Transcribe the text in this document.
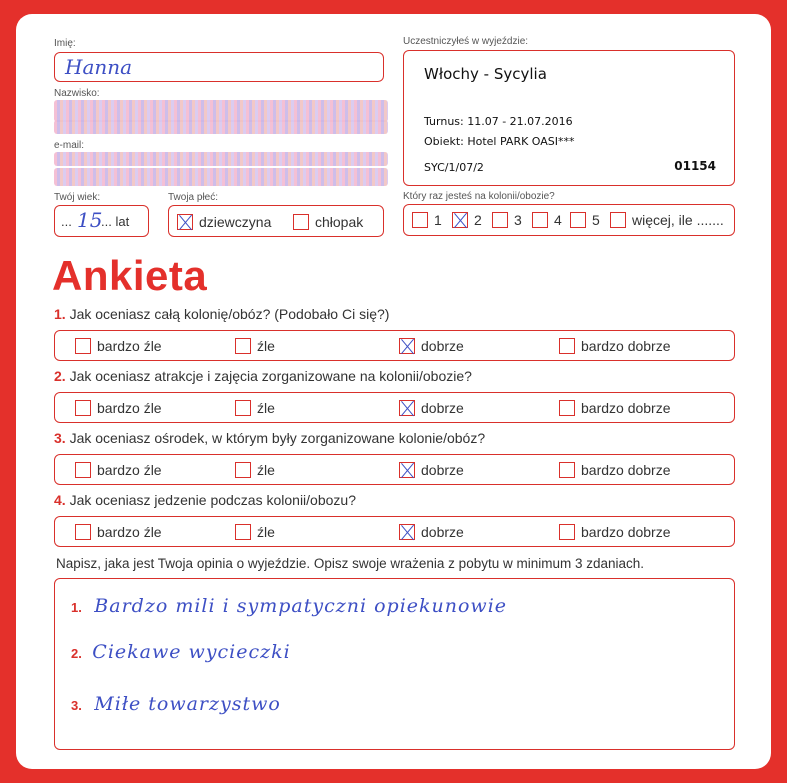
Imię:
Hanna
Nazwisko:
e-mail:
Twój wiek:
... 15
... lat
Twoja płeć:
dziewczyna	chłopak
Uczestniczyłeś w wyjeździe:
Włochy - Sycylia
Turnus: 11.07 - 21.07.2016
Obiekt: Hotel PARK OASI***
SYC/1/07/2	01154
Który raz jesteś na kolonii/obozie?
1	2	3	4	5	więcej, ile .......
Ankieta
1. Jak oceniasz całą kolonię/obóz? (Podobało Ci się?)
bardzo źle	źle	dobrze	bardzo dobrze
2. Jak oceniasz atrakcje i zajęcia zorganizowane na kolonii/obozie?
bardzo źle	źle	dobrze	bardzo dobrze
3. Jak oceniasz ośrodek, w którym były zorganizowane kolonie/obóz?
bardzo źle	źle	dobrze	bardzo dobrze
4. Jak oceniasz jedzenie podczas kolonii/obozu?
bardzo źle	źle	dobrze	bardzo dobrze
Napisz, jaka jest Twoja opinia o wyjeździe. Opisz swoje wrażenia z pobytu w minimum 3 zdaniach.
1. Bardzo mili i sympatyczni opiekunowie
2. Ciekawe wycieczki
3. Miłe towarzystwo
